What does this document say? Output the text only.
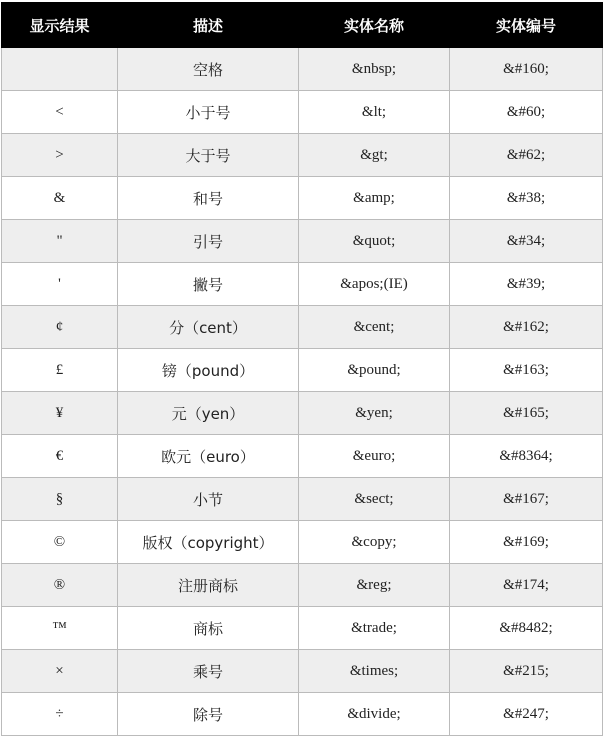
显示结果	描述	实体名称	实体编号
	空格	&nbsp;	&#160;
<	小于号	&lt;	&#60;
>	大于号	&gt;	&#62;
&	和号	&amp;	&#38;
"	引号	&quot;	&#34;
'	撇号	&apos;(IE)	&#39;
¢	分（cent）	&cent;	&#162;
£	镑（pound）	&pound;	&#163;
¥	元（yen）	&yen;	&#165;
€	欧元（euro）	&euro;	&#8364;
§	小节	&sect;	&#167;
©	版权（copyright）	&copy;	&#169;
®	注册商标	&reg;	&#174;
™	商标	&trade;	&#8482;
×	乘号	&times;	&#215;
÷	除号	&divide;	&#247;
